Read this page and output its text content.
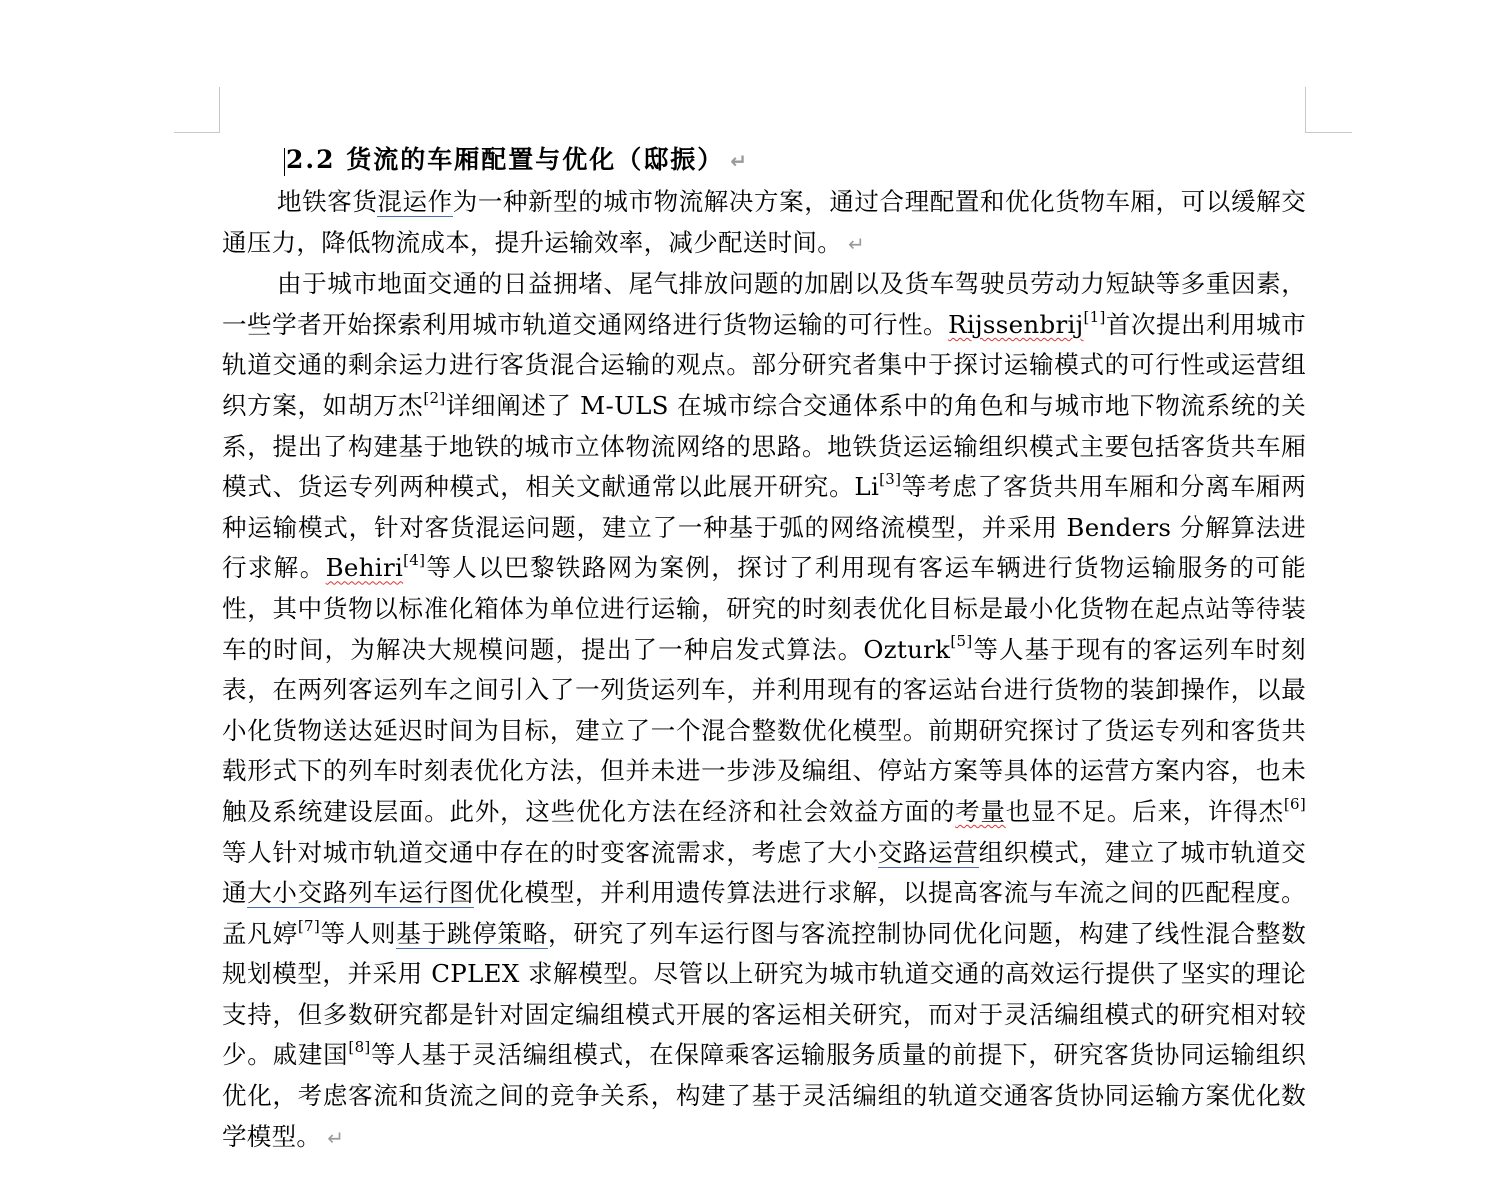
2.2 货流的车厢配置与优化（邸振） ↵

地铁客货混运作为一种新型的城市物流解决方案，通过合理配置和优化货物车厢，可以缓解交通压力，降低物流成本，提升运输效率，减少配送时间。 ↵

由于城市地面交通的日益拥堵、尾气排放问题的加剧以及货车驾驶员劳动力短缺等多重因素，一些学者开始探索利用城市轨道交通网络进行货物运输的可行性。Rijssenbrij[1]首次提出利用城市轨道交通的剩余运力进行客货混合运输的观点。部分研究者集中于探讨运输模式的可行性或运营组织方案，如胡万杰[2]详细阐述了 M-ULS 在城市综合交通体系中的角色和与城市地下物流系统的关系，提出了构建基于地铁的城市立体物流网络的思路。地铁货运运输组织模式主要包括客货共车厢模式、货运专列两种模式，相关文献通常以此展开研究。Li[3]等考虑了客货共用车厢和分离车厢两种运输模式，针对客货混运问题，建立了一种基于弧的网络流模型，并采用 Benders 分解算法进行求解。Behiri[4]等人以巴黎铁路网为案例，探讨了利用现有客运车辆进行货物运输服务的可能性，其中货物以标准化箱体为单位进行运输，研究的时刻表优化目标是最小化货物在起点站等待装车的时间，为解决大规模问题，提出了一种启发式算法。Ozturk[5]等人基于现有的客运列车时刻表，在两列客运列车之间引入了一列货运列车，并利用现有的客运站台进行货物的装卸操作，以最小化货物送达延迟时间为目标，建立了一个混合整数优化模型。前期研究探讨了货运专列和客货共载形式下的列车时刻表优化方法，但并未进一步涉及编组、停站方案等具体的运营方案内容，也未触及系统建设层面。此外，这些优化方法在经济和社会效益方面的考量也显不足。后来，许得杰[6]等人针对城市轨道交通中存在的时变客流需求，考虑了大小交路运营组织模式，建立了城市轨道交通大小交路列车运行图优化模型，并利用遗传算法进行求解，以提高客流与车流之间的匹配程度。孟凡婷[7]等人则基于跳停策略，研究了列车运行图与客流控制协同优化问题，构建了线性混合整数规划模型，并采用 CPLEX 求解模型。尽管以上研究为城市轨道交通的高效运行提供了坚实的理论支持，但多数研究都是针对固定编组模式开展的客运相关研究，而对于灵活编组模式的研究相对较少。戚建国[8]等人基于灵活编组模式，在保障乘客运输服务质量的前提下，研究客货协同运输组织优化，考虑客流和货流之间的竞争关系，构建了基于灵活编组的轨道交通客货协同运输方案优化数学模型。 ↵
